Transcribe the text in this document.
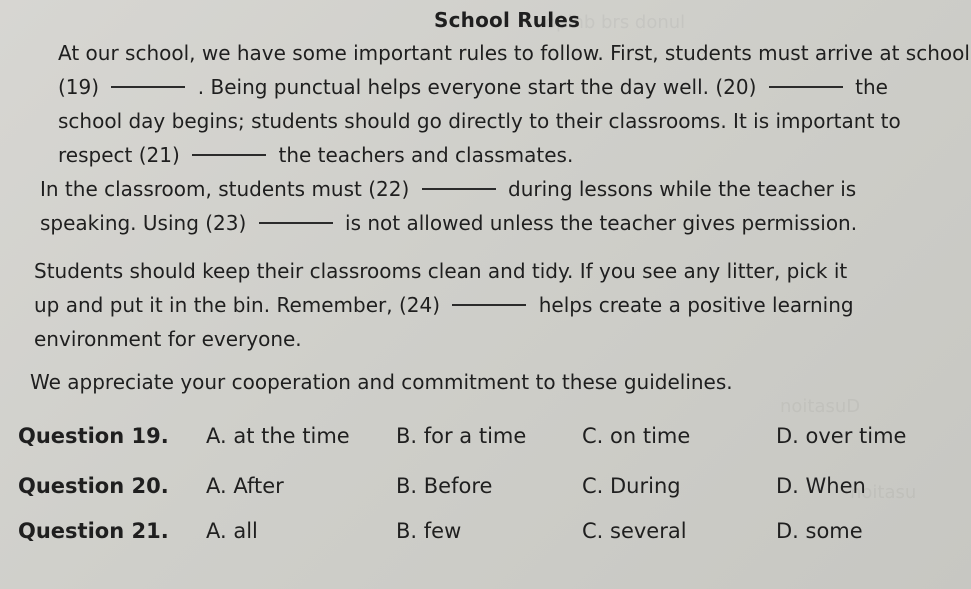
opinb brs donul
noitasuD
noitasu
School Rules
At our school, we have some important rules to follow. First, students must arrive at school
(19)	. Being punctual helps everyone start the day well. (20)	the
school day begins; students should go directly to their classrooms. It is important to
respect (21)	the teachers and classmates.
In the classroom, students must (22)	during lessons while the teacher is
speaking. Using (23)	is not allowed unless the teacher gives permission.
Students should keep their classrooms clean and tidy. If you see any litter, pick it
up and put it in the bin. Remember, (24)	helps create a positive learning
environment for everyone.
We appreciate your cooperation and commitment to these guidelines.
Question 19. A. at the time B. for a time	C. on time	D. over time
Question 20. A. After	B. Before	C. During	D. When
Question 21. A. all	B. few	C. several	D. some
